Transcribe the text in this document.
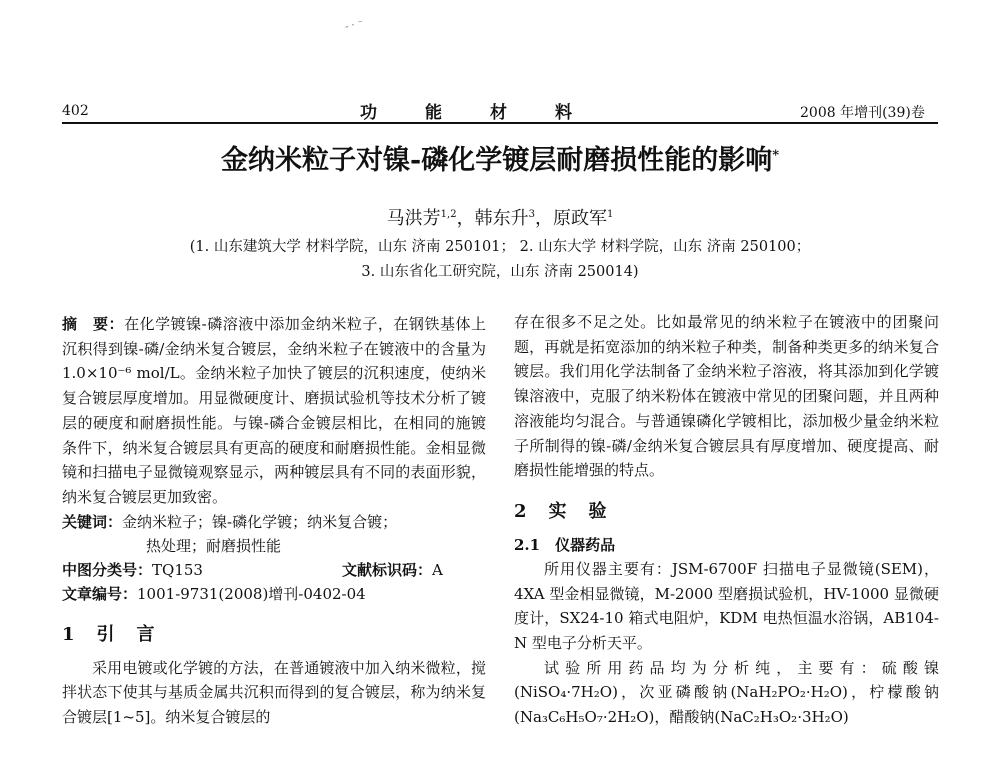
‐ · ⁻
402	功能材料	2008 年增刊(39)卷
金纳米粒子对镍-磷化学镀层耐磨损性能的影响*
马洪芳$^{1,2}$，韩东升$^3$，原政军$^1$
(1. 山东建筑大学 材料学院，山东 济南 250101； 2. 山东大学 材料学院，山东 济南 250100；
3. 山东省化工研究院，山东 济南 250014)
摘　要：在化学镀镍-磷溶液中添加金纳米粒子，在钢铁基体上沉积得到镍-磷/金纳米复合镀层，金纳米粒子在镀液中的含量为 1.0×10⁻⁶ mol/L。金纳米粒子加快了镀层的沉积速度，使纳米复合镀层厚度增加。用显微硬度计、磨损试验机等技术分析了镀层的硬度和耐磨损性能。与镍-磷合金镀层相比，在相同的施镀条件下，纳米复合镀层具有更高的硬度和耐磨损性能。金相显微镜和扫描电子显微镜观察显示，两种镀层具有不同的表面形貌，纳米复合镀层更加致密。
关键词：金纳米粒子；镍-磷化学镀；纳米复合镀；
热处理；耐磨损性能
中图分类号：TQ153	文献标识码：A
文章编号： 1001-9731(2008)增刊-0402-04
1　引　言
采用电镀或化学镀的方法，在普通镀液中加入纳米微粒，搅拌状态下使其与基质金属共沉积而得到的复合镀层，称为纳米复合镀层[1~5]。纳米复合镀层的
存在很多不足之处。比如最常见的纳米粒子在镀液中的团聚问题，再就是拓宽添加的纳米粒子种类，制备种类更多的纳米复合镀层。我们用化学法制备了金纳米粒子溶液，将其添加到化学镀镍溶液中，克服了纳米粉体在镀液中常见的团聚问题，并且两种溶液能均匀混合。与普通镍磷化学镀相比，添加极少量金纳米粒子所制得的镍-磷/金纳米复合镀层具有厚度增加、硬度提高、耐磨损性能增强的特点。
2　实　验
2.1　仪器药品
所用仪器主要有：JSM-6700F 扫描电子显微镜(SEM)，4XA 型金相显微镜，M-2000 型磨损试验机，HV-1000 显微硬度计，SX24-10 箱式电阻炉，KDM 电热恒温水浴锅，AB104-N 型电子分析天平。
试验所用药品均为分析纯，主要有：硫酸镍(NiSO₄·7H₂O)，次亚磷酸钠(NaH₂PO₂·H₂O)，柠檬酸钠(Na₃C₆H₅O₇·2H₂O)，醋酸钠(NaC₂H₃O₂·3H₂O)
